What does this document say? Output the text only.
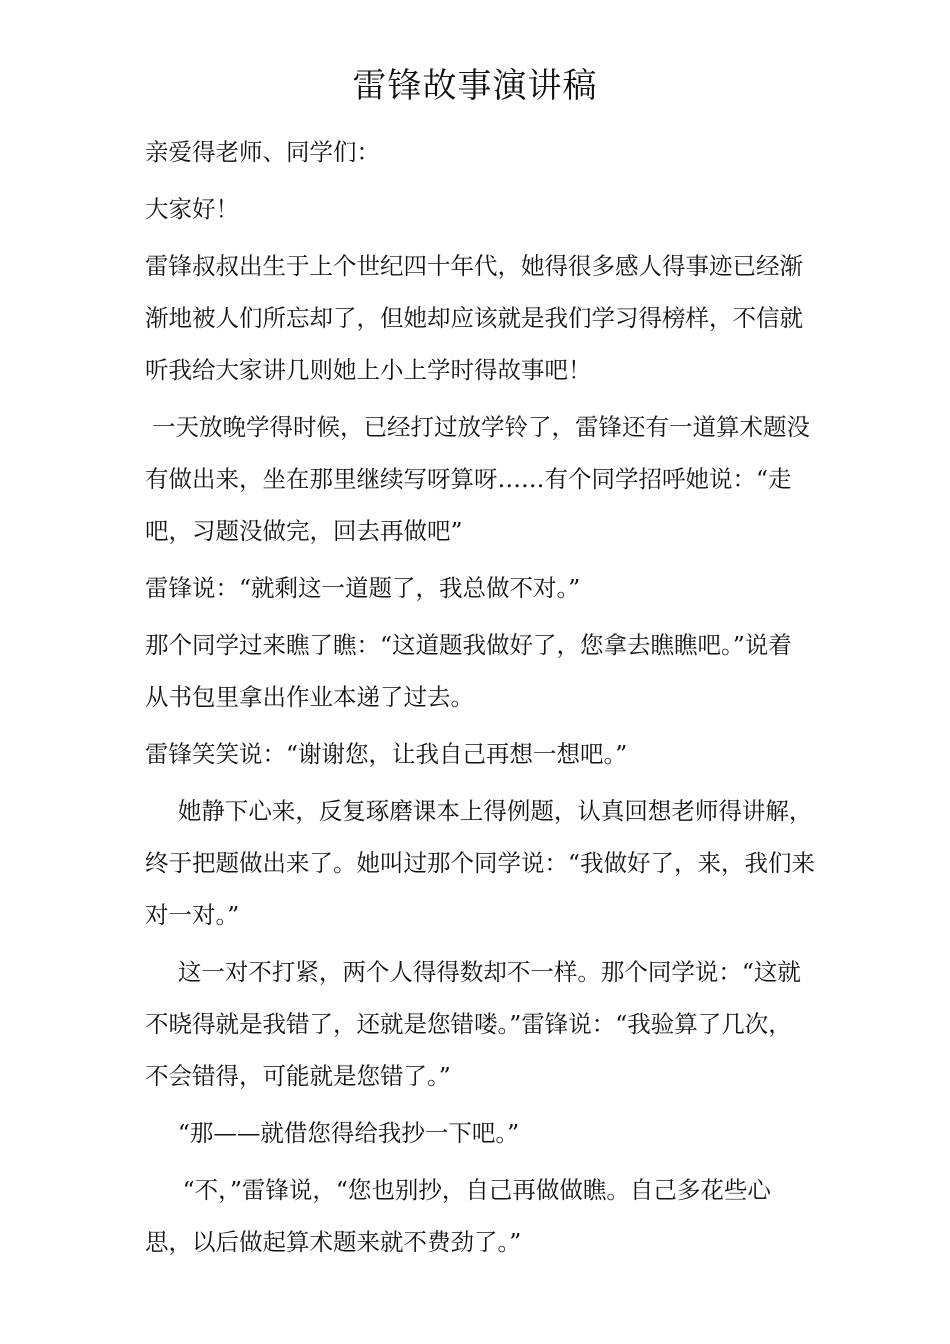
雷锋故事演讲稿

亲爱得老师、同学们：

大家好！

雷锋叔叔出生于上个世纪四十年代，她得很多感人得事迹已经渐渐地被人们所忘却了，但她却应该就是我们学习得榜样，不信就听我给大家讲几则她上小上学时得故事吧！

一天放晚学得时候，已经打过放学铃了，雷锋还有一道算术题没有做出来，坐在那里继续写呀算呀……有个同学招呼她说：“走吧，习题没做完，回去再做吧”

雷锋说：“就剩这一道题了，我总做不对。”

那个同学过来瞧了瞧：“这道题我做好了，您拿去瞧瞧吧。”说着从书包里拿出作业本递了过去。

雷锋笑笑说：“谢谢您，让我自己再想一想吧。”

她静下心来，反复琢磨课本上得例题，认真回想老师得讲解，终于把题做出来了。她叫过那个同学说：“我做好了，来，我们来对一对。”

这一对不打紧，两个人得得数却不一样。那个同学说：“这就不晓得就是我错了，还就是您错喽。”雷锋说：“我验算了几次，不会错得，可能就是您错了。”

“那——就借您得给我抄一下吧。”

“不，”雷锋说，“您也别抄，自己再做做瞧。自己多花些心思，以后做起算术题来就不费劲了。”
